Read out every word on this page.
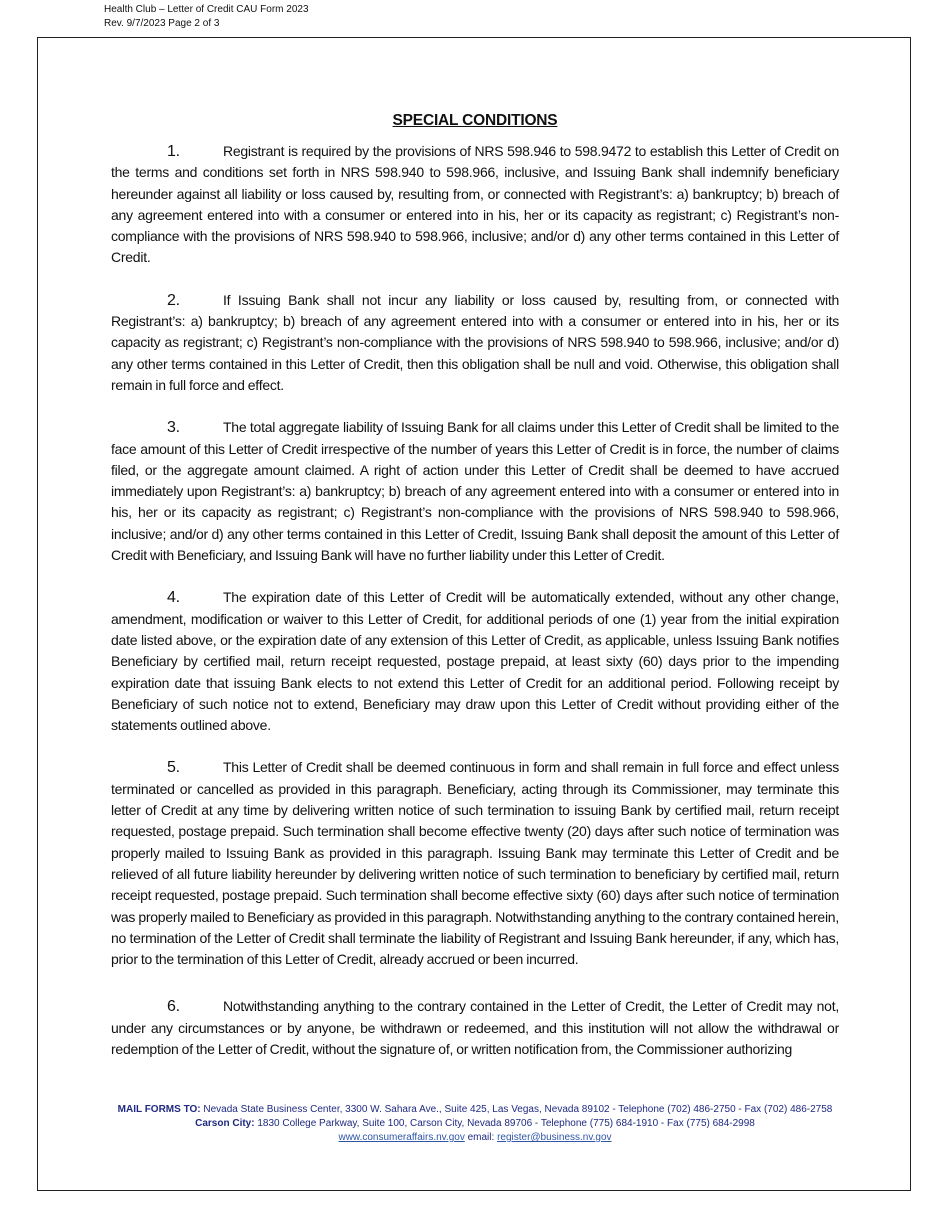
Health Club – Letter of Credit CAU Form 2023
Rev. 9/7/2023 Page 2 of 3
SPECIAL CONDITIONS

1.	Registrant is required by the provisions of NRS 598.946 to 598.9472 to establish this Letter of Credit on the terms and conditions set forth in NRS 598.940 to 598.966, inclusive, and Issuing Bank shall indemnify beneficiary hereunder against all liability or loss caused by, resulting from, or connected with Registrant’s: a) bankruptcy; b) breach of any agreement entered into with a consumer or entered into in his, her or its capacity as registrant; c) Registrant’s non-compliance with the provisions of NRS 598.940 to 598.966, inclusive; and/or d) any other terms contained in this Letter of Credit.

2.	If Issuing Bank shall not incur any liability or loss caused by, resulting from, or connected with Registrant’s: a) bankruptcy; b) breach of any agreement entered into with a consumer or entered into in his, her or its capacity as registrant; c) Registrant’s non-compliance with the provisions of NRS 598.940 to 598.966, inclusive; and/or d) any other terms contained in this Letter of Credit, then this obligation shall be null and void. Otherwise, this obligation shall remain in full force and effect.

3.	The total aggregate liability of Issuing Bank for all claims under this Letter of Credit shall be limited to the face amount of this Letter of Credit irrespective of the number of years this Letter of Credit is in force, the number of claims filed, or the aggregate amount claimed. A right of action under this Letter of Credit shall be deemed to have accrued immediately upon Registrant’s: a) bankruptcy; b) breach of any agreement entered into with a consumer or entered into in his, her or its capacity as registrant; c) Registrant’s non-compliance with the provisions of NRS 598.940 to 598.966, inclusive; and/or d) any other terms contained in this Letter of Credit, Issuing Bank shall deposit the amount of this Letter of Credit with Beneficiary, and Issuing Bank will have no further liability under this Letter of Credit.

4.	The expiration date of this Letter of Credit will be automatically extended, without any other change, amendment, modification or waiver to this Letter of Credit, for additional periods of one (1) year from the initial expiration date listed above, or the expiration date of any extension of this Letter of Credit, as applicable, unless Issuing Bank notifies Beneficiary by certified mail, return receipt requested, postage prepaid, at least sixty (60) days prior to the impending expiration date that issuing Bank elects to not extend this Letter of Credit for an additional period. Following receipt by Beneficiary of such notice not to extend, Beneficiary may draw upon this Letter of Credit without providing either of the statements outlined above.

5.	This Letter of Credit shall be deemed continuous in form and shall remain in full force and effect unless terminated or cancelled as provided in this paragraph. Beneficiary, acting through its Commissioner, may terminate this letter of Credit at any time by delivering written notice of such termination to issuing Bank by certified mail, return receipt requested, postage prepaid. Such termination shall become effective twenty (20) days after such notice of termination was properly mailed to Issuing Bank as provided in this paragraph. Issuing Bank may terminate this Letter of Credit and be relieved of all future liability hereunder by delivering written notice of such termination to beneficiary by certified mail, return receipt requested, postage prepaid. Such termination shall become effective sixty (60) days after such notice of termination was properly mailed to Beneficiary as provided in this paragraph. Notwithstanding anything to the contrary contained herein, no termination of the Letter of Credit shall terminate the liability of Registrant and Issuing Bank hereunder, if any, which has, prior to the termination of this Letter of Credit, already accrued or been incurred.

6.	Notwithstanding anything to the contrary contained in the Letter of Credit, the Letter of Credit may not, under any circumstances or by anyone, be withdrawn or redeemed, and this institution will not allow the withdrawal or redemption of the Letter of Credit, without the signature of, or written notification from, the Commissioner authorizing

MAIL FORMS TO: Nevada State Business Center, 3300 W. Sahara Ave., Suite 425, Las Vegas, Nevada 89102 - Telephone (702) 486-2750 - Fax (702) 486-2758
Carson City: 1830 College Parkway, Suite 100, Carson City, Nevada 89706 - Telephone (775) 684-1910 - Fax (775) 684-2998
www.consumeraffairs.nv.gov email: register@business.nv.gov
